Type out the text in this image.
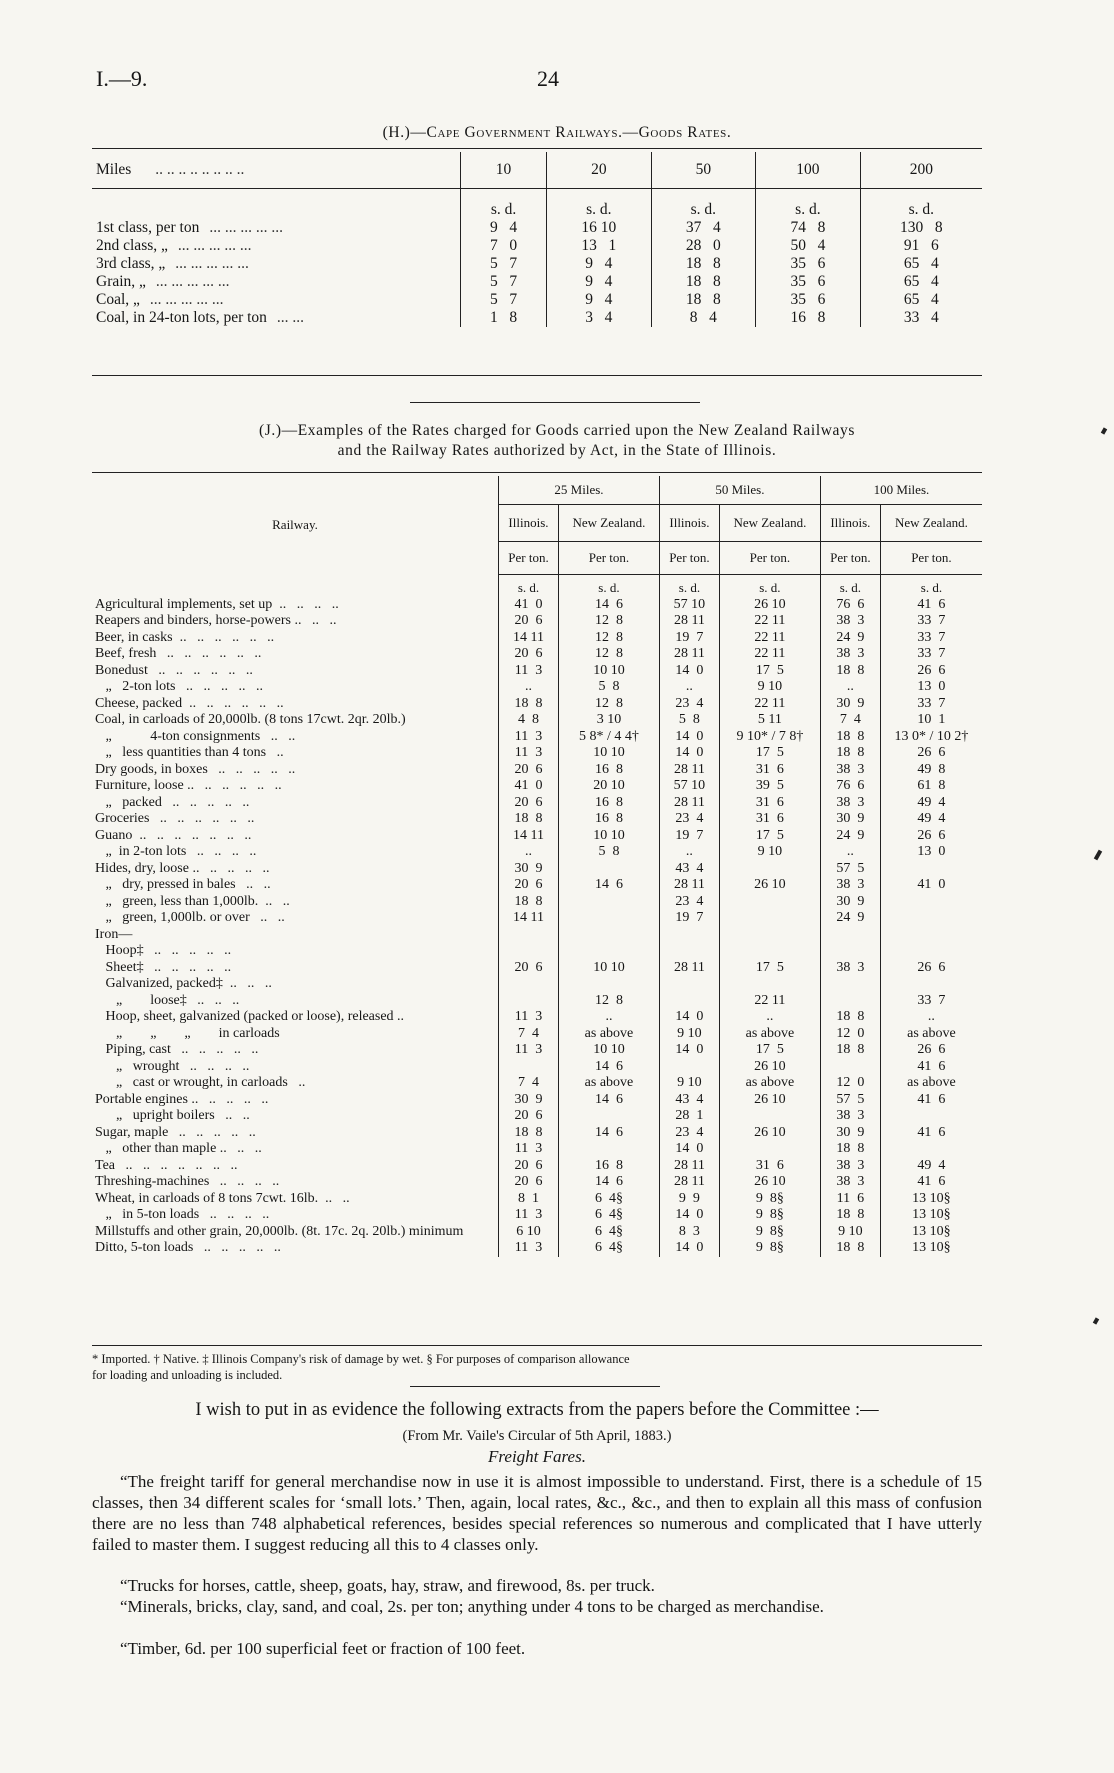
I.—9.	24
(H.)—Cape Government Railways.—Goods Rates.
Miles .. .. .. .. .. .. .. ..	10	20	50	100	200
	s. d.	s. d.	s. d.	s. d.	s. d.
1st class, per ton ... ... ... ... ...	9   4	16 10	37   4	74   8	130   8
2nd class, „ ... ... ... ... ...	7   0	13   1	28   0	50   4	91   6
3rd class, „ ... ... ... ... ...	5   7	9   4	18   8	35   6	65   4
Grain, „ ... ... ... ... ...	5   7	9   4	18   8	35   6	65   4
Coal, „ ... ... ... ... ...	5   7	9   4	18   8	35   6	65   4
Coal, in 24-ton lots, per ton ... ...	1   8	3   4	8   4	16   8	33   4
(J.)—Examples of the Rates charged for Goods carried upon the New Zealand Railways
and the Railway Rates authorized by Act, in the State of Illinois.
Railway.	25 Miles.		50 Miles.		100 Miles.	
	Illinois.	New Zealand.	Illinois.	New Zealand.	Illinois.	New Zealand.
	Per ton.	Per ton.	Per ton.	Per ton.	Per ton.	Per ton.
	s. d.	s. d.	s. d.	s. d.	s. d.	s. d.
Agricultural implements, set up  ..   ..   ..   ..	41  0	14  6	57 10	26 10	76  6	41  6
Reapers and binders, horse-powers ..   ..   ..	20  6	12  8	28 11	22 11	38  3	33  7
Beer, in casks  ..   ..   ..   ..   ..   ..	14 11	12  8	19  7	22 11	24  9	33  7
Beef, fresh   ..   ..   ..   ..   ..   ..	20  6	12  8	28 11	22 11	38  3	33  7
Bonedust   ..   ..   ..   ..   ..   ..	11  3	10 10	14  0	17  5	18  8	26  6
„   2-ton lots   ..   ..   ..   ..   ..	..	5  8	..	9 10	..	13  0
Cheese, packed  ..   ..   ..   ..   ..   ..	18  8	12  8	23  4	22 11	30  9	33  7
Coal, in carloads of 20,000lb. (8 tons 17cwt. 2qr. 20lb.)	4  8	3 10	5  8	5 11	7  4	10  1
„           4-ton consignments   ..   ..	11  3	5 8* / 4 4†	14  0	9 10* / 7 8†	18  8	13 0* / 10 2†
„   less quantities than 4 tons   ..	11  3	10 10	14  0	17  5	18  8	26  6
Dry goods, in boxes   ..   ..   ..   ..   ..	20  6	16  8	28 11	31  6	38  3	49  8
Furniture, loose ..   ..   ..   ..   ..   ..	41  0	20 10	57 10	39  5	76  6	61  8
„   packed   ..   ..   ..   ..   ..	20  6	16  8	28 11	31  6	38  3	49  4
Groceries   ..   ..   ..   ..   ..   ..	18  8	16  8	23  4	31  6	30  9	49  4
Guano  ..   ..   ..   ..   ..   ..   ..	14 11	10 10	19  7	17  5	24  9	26  6
„  in 2-ton lots   ..   ..   ..   ..	..	5  8	..	9 10	..	13  0
Hides, dry, loose ..   ..   ..   ..   ..	30  9		43  4		57  5	
„   dry, pressed in bales   ..   ..	20  6	14  6	28 11	26 10	38  3	41  0
„   green, less than 1,000lb.  ..   ..	18  8		23  4		30  9	
„   green, 1,000lb. or over   ..   ..	14 11		19  7		24  9	
Iron—						
Hoop‡   ..   ..   ..   ..   ..						
Sheet‡   ..   ..   ..   ..   ..	20  6	10 10	28 11	17  5	38  3	26  6
Galvanized, packed‡  ..   ..   ..						
„        loose‡   ..   ..   ..		12  8		22 11		33  7
Hoop, sheet, galvanized (packed or loose), released ..	11  3	..	14  0	..	18  8	..
„        „        „        in carloads	7  4	as above	9 10	as above	12  0	as above
Piping, cast   ..   ..   ..   ..   ..	11  3	10 10	14  0	17  5	18  8	26  6
„   wrought   ..   ..   ..   ..		14  6		26 10		41  6
„   cast or wrought, in carloads   ..	7  4	as above	9 10	as above	12  0	as above
Portable engines ..   ..   ..   ..   ..	30  9	14  6	43  4	26 10	57  5	41  6
„   upright boilers   ..   ..	20  6		28  1		38  3	
Sugar, maple   ..   ..   ..   ..   ..	18  8	14  6	23  4	26 10	30  9	41  6
„   other than maple ..   ..   ..	11  3		14  0		18  8	
Tea   ..   ..   ..   ..   ..   ..   ..	20  6	16  8	28 11	31  6	38  3	49  4
Threshing-machines   ..   ..   ..   ..	20  6	14  6	28 11	26 10	38  3	41  6
Wheat, in carloads of 8 tons 7cwt. 16lb.  ..   ..	8  1	6  4§	9  9	9  8§	11  6	13 10§
„   in 5-ton loads   ..   ..   ..   ..	11  3	6  4§	14  0	9  8§	18  8	13 10§
Millstuffs and other grain, 20,000lb. (8t. 17c. 2q. 20lb.) minimum	6 10	6  4§	8  3	9  8§	9 10	13 10§
Ditto, 5-ton loads   ..   ..   ..   ..   ..	11  3	6  4§	14  0	9  8§	18  8	13 10§
* Imported. † Native. ‡ Illinois Company's risk of damage by wet. § For purposes of comparison allowance
for loading and unloading is included.
I wish to put in as evidence the following extracts from the papers before the Committee :—
(From Mr. Vaile's Circular of 5th April, 1883.)
Freight Fares.
“The freight tariff for general merchandise now in use it is almost impossible to understand. First, there is a schedule of 15 classes, then 34 different scales for ‘small lots.’ Then, again, local rates, &c., &c., and then to explain all this mass of confusion there are no less than 748 alphabetical references, besides special references so numerous and complicated that I have utterly failed to master them. I suggest reducing all this to 4 classes only.
“Trucks for horses, cattle, sheep, goats, hay, straw, and firewood, 8s. per truck.
“Minerals, bricks, clay, sand, and coal, 2s. per ton; anything under 4 tons to be charged as merchandise.
“Timber, 6d. per 100 superficial feet or fraction of 100 feet.
